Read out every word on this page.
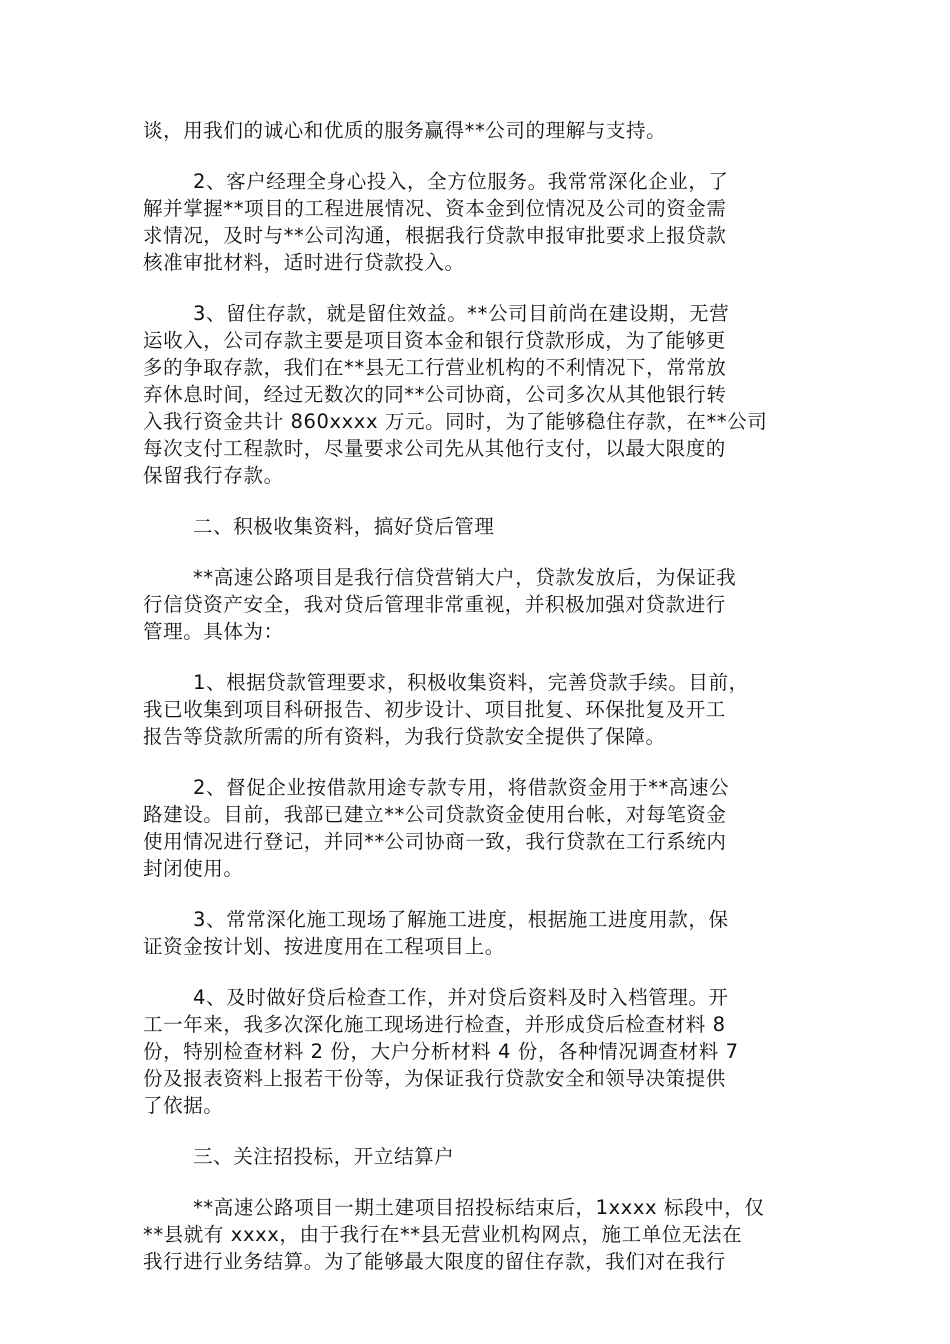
谈，用我们的诚心和优质的服务赢得**公司的理解与支持。
2、客户经理全身心投入，全方位服务。我常常深化企业，了
解并掌握**项目的工程进展情况、资本金到位情况及公司的资金需
求情况，及时与**公司沟通，根据我行贷款申报审批要求上报贷款
核准审批材料，适时进行贷款投入。
3、留住存款，就是留住效益。**公司目前尚在建设期，无营
运收入，公司存款主要是项目资本金和银行贷款形成，为了能够更
多的争取存款，我们在**县无工行营业机构的不利情况下，常常放
弃休息时间，经过无数次的同**公司协商，公司多次从其他银行转
入我行资金共计 860xxxx 万元。同时，为了能够稳住存款，在**公司
每次支付工程款时，尽量要求公司先从其他行支付，以最大限度的
保留我行存款。
二、积极收集资料，搞好贷后管理
**高速公路项目是我行信贷营销大户，贷款发放后，为保证我
行信贷资产安全，我对贷后管理非常重视，并积极加强对贷款进行
管理。具体为：
1、根据贷款管理要求，积极收集资料，完善贷款手续。目前，
我已收集到项目科研报告、初步设计、项目批复、环保批复及开工
报告等贷款所需的所有资料，为我行贷款安全提供了保障。
2、督促企业按借款用途专款专用，将借款资金用于**高速公
路建设。目前，我部已建立**公司贷款资金使用台帐，对每笔资金
使用情况进行登记，并同**公司协商一致，我行贷款在工行系统内
封闭使用。
3、常常深化施工现场了解施工进度，根据施工进度用款，保
证资金按计划、按进度用在工程项目上。
4、及时做好贷后检查工作，并对贷后资料及时入档管理。开
工一年来，我多次深化施工现场进行检查，并形成贷后检查材料 8
份，特别检查材料 2 份，大户分析材料 4 份，各种情况调查材料 7
份及报表资料上报若干份等，为保证我行贷款安全和领导决策提供
了依据。
三、关注招投标，开立结算户
**高速公路项目一期土建项目招投标结束后，1xxxx 标段中，仅
**县就有 xxxx，由于我行在**县无营业机构网点，施工单位无法在
我行进行业务结算。为了能够最大限度的留住存款，我们对在我行
